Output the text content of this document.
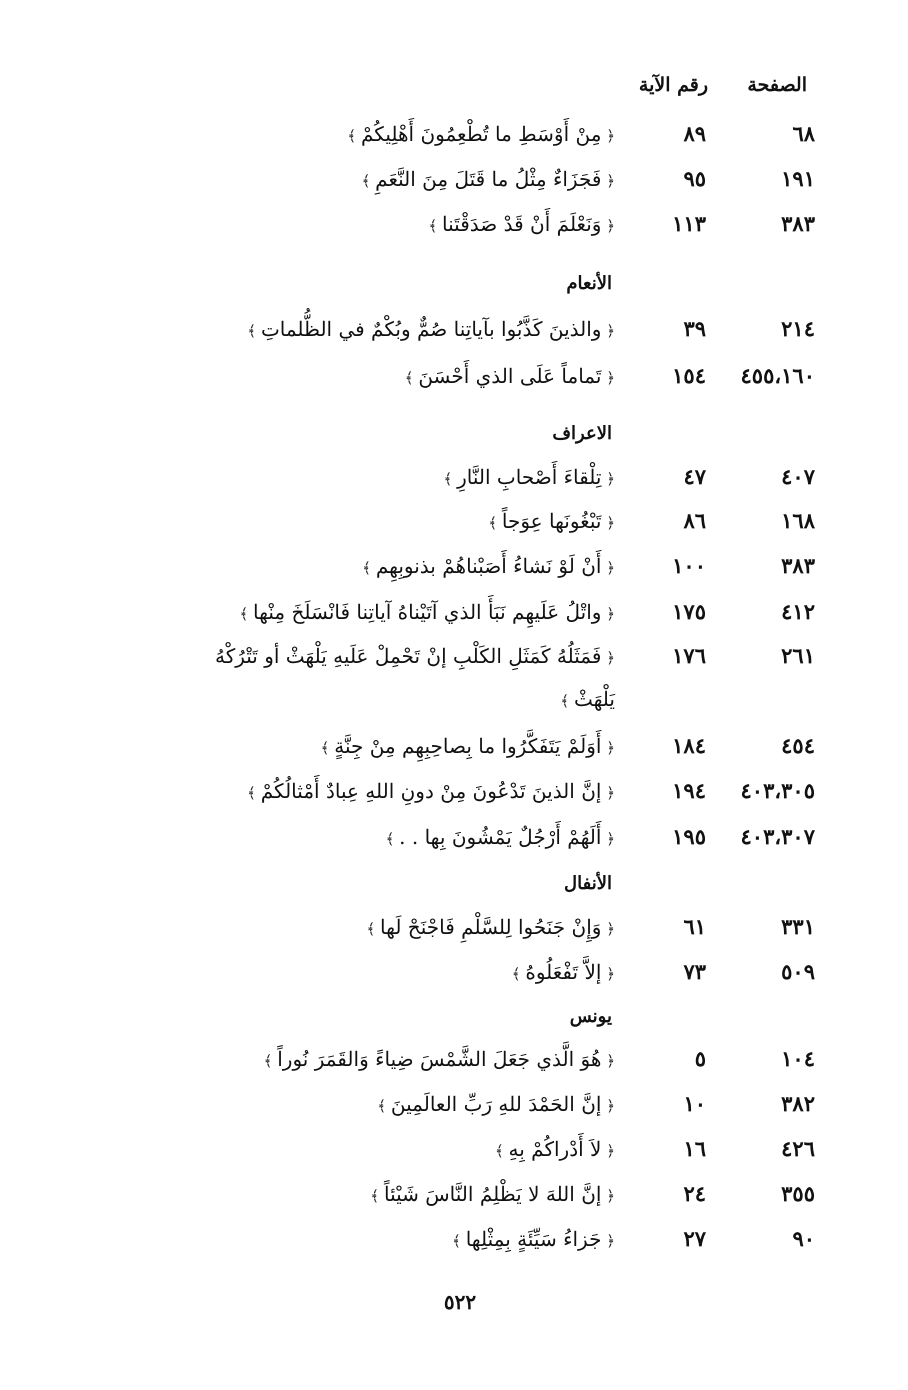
الصفحة
رقم الآية
٦٨
٨٩
﴿ مِنْ أَوْسَطِ ما تُطْعِمُونَ أَهْلِيكُمْ ﴾
١٩١
٩٥
﴿ فَجَزَاءٌ مِثْلُ ما قَتَلَ مِنَ النَّعَمِ ﴾
٣٨٣
١١٣
﴿ وَنَعْلَمَ أَنْ قَدْ صَدَقْتَنا ﴾
الأنعام
٢١٤
٣٩
﴿ والذينَ كَذَّبُوا بآياتِنا صُمٌّ وبُكْمٌ في الظُّلماتِ ﴾
٤٥٥،١٦٠
١٥٤
﴿ تَماماً عَلَى الذي أَحْسَنَ ﴾
الاعراف
٤٠٧
٤٧
﴿ تِلْقاءَ أَصْحابِ النَّارِ ﴾
١٦٨
٨٦
﴿ تَبْغُونَها عِوَجاً ﴾
٣٨٣
١٠٠
﴿ أَنْ لَوْ نَشاءُ أَصَبْناهُمْ بذنوبِهِم ﴾
٤١٢
١٧٥
﴿ واتْلُ عَلَيهِم نَبَأَ الذي آتَيْناهُ آياتِنا فَانْسَلَخَ مِنْها ﴾
٢٦١
١٧٦
﴿ فَمَثَلُهُ كَمَثَلِ الكَلْبِ إنْ تَحْمِلْ عَلَيهِ يَلْهَثْ أو تَتْرُكْهُ
يَلْهَثْ ﴾
٤٥٤
١٨٤
﴿ أَوَلَمْ يَتَفَكَّرُوا ما بِصاحِبِهِم مِنْ جِنَّةٍ ﴾
٤٠٣،٣٠٥
١٩٤
﴿ إنَّ الذينَ تَدْعُونَ مِنْ دونِ اللهِ عِبادٌ أَمْثالُكُمْ ﴾
٤٠٣،٣٠٧
١٩٥
﴿ أَلَهُمْ أَرْجُلٌ يَمْشُونَ بِها . . ﴾
الأنفال
٣٣١
٦١
﴿ وَإِنْ جَنَحُوا لِلسَّلْمِ فَاجْنَحْ لَها ﴾
٥٠٩
٧٣
﴿ إلاَّ تَفْعَلُوهُ ﴾
يونس
١٠٤
٥
﴿ هُوَ الَّذي جَعَلَ الشَّمْسَ ضِياءً وَالقَمَرَ نُوراً ﴾
٣٨٢
١٠
﴿ إنَّ الحَمْدَ للهِ رَبِّ العالَمِينَ ﴾
٤٢٦
١٦
﴿ لاَ أَدْراكُمْ بِهِ ﴾
٣٥٥
٢٤
﴿ إنَّ اللهَ لا يَظْلِمُ النَّاسَ شَيْئاً ﴾
٩٠
٢٧
﴿ جَزاءُ سَيِّئَةٍ بِمِثْلِها ﴾
٥٢٢
